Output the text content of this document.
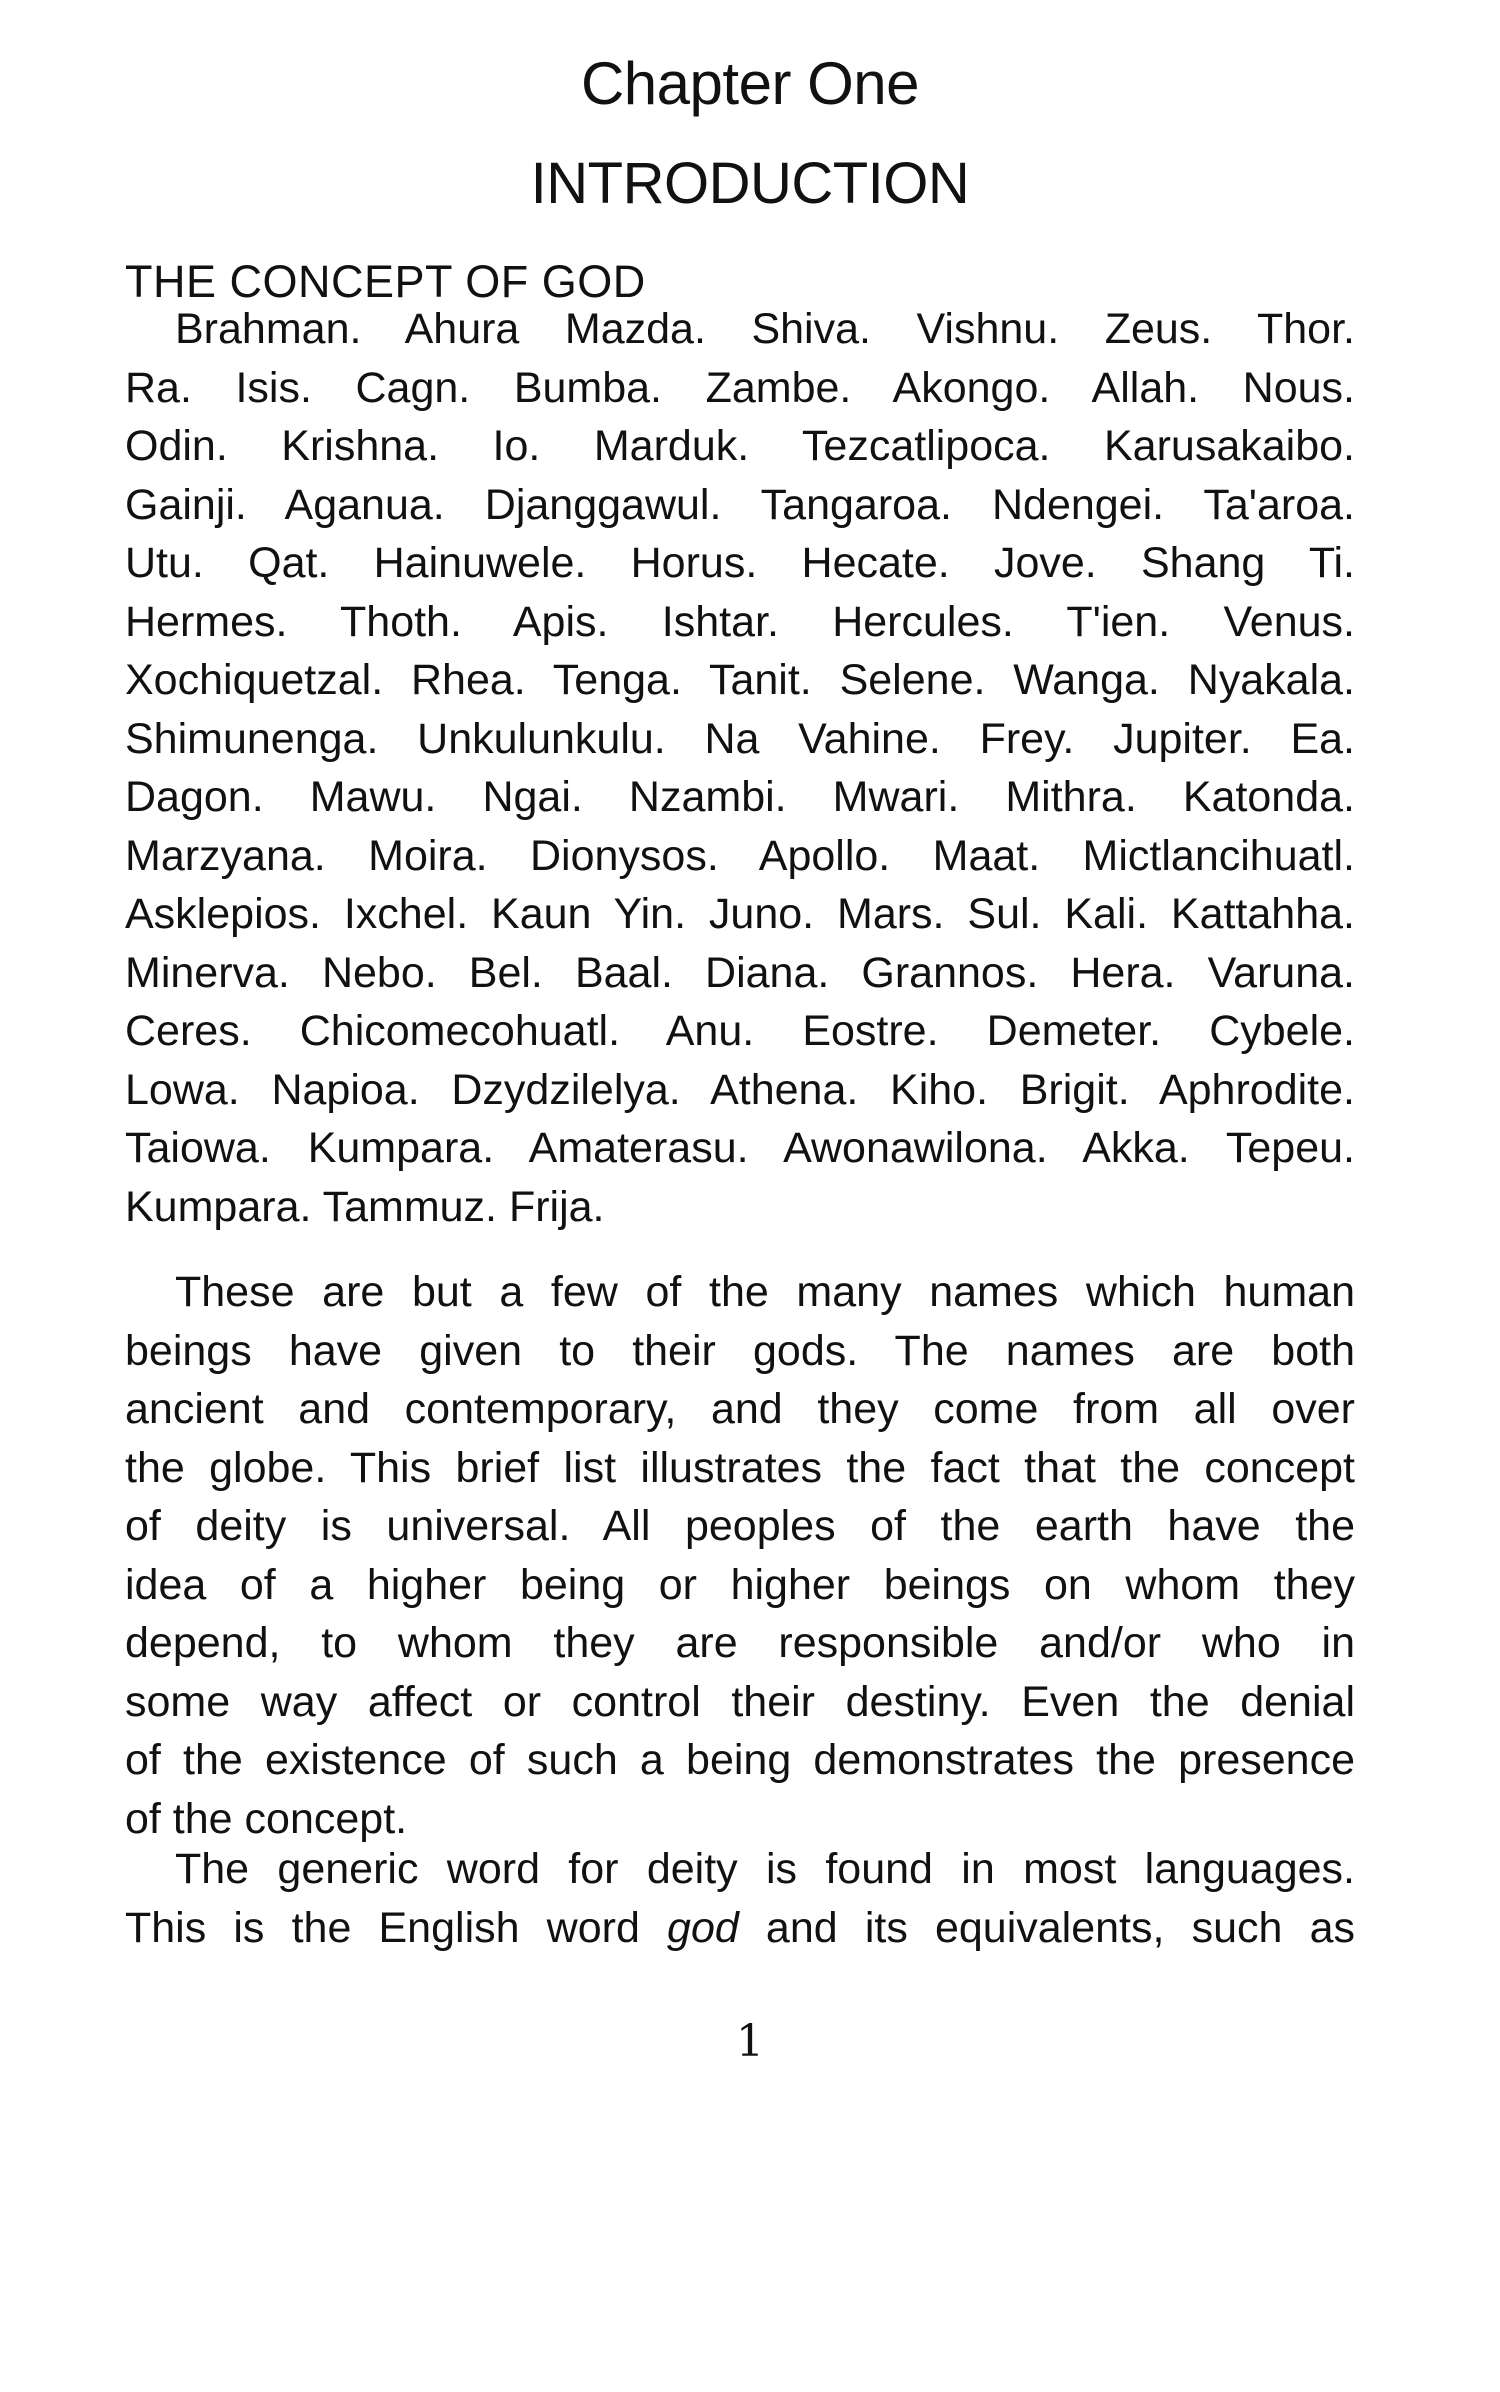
Chapter One
INTRODUCTION
THE CONCEPT OF GOD
Brahman. Ahura Mazda. Shiva. Vishnu. Zeus. Thor.
Ra. Isis. Cagn. Bumba. Zambe. Akongo. Allah. Nous.
Odin. Krishna. Io. Marduk. Tezcatlipoca. Karusakaibo.
Gainji. Aganua. Djanggawul. Tangaroa. Ndengei. Ta'aroa.
Utu. Qat. Hainuwele. Horus. Hecate. Jove. Shang Ti.
Hermes. Thoth. Apis. Ishtar. Hercules. T'ien. Venus.
Xochiquetzal. Rhea. Tenga. Tanit. Selene. Wanga. Nyakala.
Shimunenga. Unkulunkulu. Na Vahine. Frey. Jupiter. Ea.
Dagon. Mawu. Ngai. Nzambi. Mwari. Mithra. Katonda.
Marzyana. Moira. Dionysos. Apollo. Maat. Mictlancihuatl.
Asklepios. Ixchel. Kaun Yin. Juno. Mars. Sul. Kali. Kattahha.
Minerva. Nebo. Bel. Baal. Diana. Grannos. Hera. Varuna.
Ceres. Chicomecohuatl. Anu. Eostre. Demeter. Cybele.
Lowa. Napioa. Dzydzilelya. Athena. Kiho. Brigit. Aphrodite.
Taiowa. Kumpara. Amaterasu. Awonawilona. Akka. Tepeu.
Kumpara. Tammuz. Frija.
These are but a few of the many names which human
beings have given to their gods. The names are both
ancient and contemporary, and they come from all over
the globe. This brief list illustrates the fact that the concept
of deity is universal. All peoples of the earth have the
idea of a higher being or higher beings on whom they
depend, to whom they are responsible and/or who in
some way affect or control their destiny. Even the denial
of the existence of such a being demonstrates the presence
of the concept.
The generic word for deity is found in most languages.
This is the English word god and its equivalents, such as
1
